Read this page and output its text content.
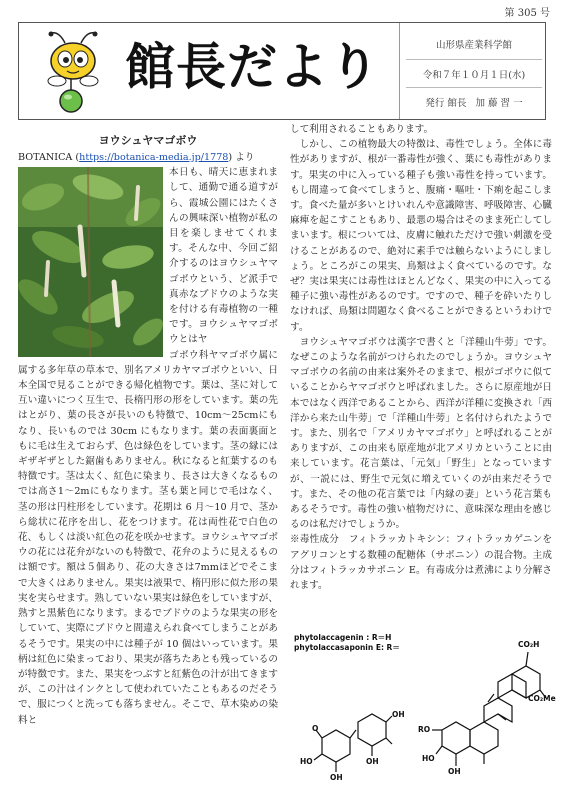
第 305 号
館長だより	山形県産業科学館
令和７年１０月１日(水)
発行 館長 加 藤 習 一
ヨウシュヤマゴボウ
BOTANICA (https://botanica-media.jp/1778) より

本日も、晴天に恵まれまして、通勤で通る道すがら、霞城公園にはたくさんの興味深い植物が私の目を楽しませてくれます。そんな中、今回ご紹介するのはヨウシュヤマゴボウという、ど派手で真赤なブドウのような実を付ける有毒植物の一種です。ヨウシュヤマゴボウとはヤ

ゴボウ科ヤマゴボウ属に属する多年草の草本で、別名アメリカヤマゴボウといい、日本全国で見ることができる帰化植物です。葉は、茎に対して互い違いにつく互生で、長楕円形の形をしています。葉の先はとがり、葉の長さが長いのも特徴で、10cm～25cmにもなり、長いものでは 30cm にもなります。葉の表面裏面ともに毛は生えておらず、色は緑色をしています。茎の縁にはギザギザとした鋸歯もありません。秋になると紅葉するのも特徴です。茎は太く、紅色に染まり、長さは大きくなるものでは高さ1～2mにもなります。茎も葉と同じで毛はなく、茎の形は円柱形をしています。花期は 6 月～10 月で、茎から総状に花序を出し、花をつけます。花は両性花で白色の花、もしくは淡い紅色の花を咲かせます。ヨウシュヤマゴボウの花には花弁がないのも特徴で、花弁のように見えるものは額です。額は５個あり、花の大きさは7mmほどでそこまで大きくはありません。果実は液果で、楕円形に似た形の果実を実らせます。熟していない果実は緑色をしていますが、熟すと黒紫色になります。まるでブドウのような果実の形をしていて、実際にブドウと間違えられ食べてしまうことがあるそうです。果実の中には種子が 10 個はいっています。果柄は紅色に染まっており、果実が落ちたあとも残っているのが特徴です。また、果実をつぶすと紅紫色の汁が出てきますが、この汁はインクとして使われていたこともあるのだそうで、服につくと洗っても落ちません。そこで、草木染めの染料と

して利用されることもあります。

しかし、この植物最大の特徴は、毒性でしょう。全体に毒性がありますが、根が一番毒性が強く、葉にも毒性があります。果実の中に入っている種子も強い毒性を持っています。もし間違って食べてしまうと、腹痛・嘔吐・下痢を起こします。食べた量が多いとけいれんや意識障害、呼吸障害、心臓麻痺を起こすこともあり、最悪の場合はそのまま死亡してしまいます。根については、皮膚に触れただけで強い刺激を受けることがあるので、絶対に素手では触らないようにしましょう。ところがこの果実、鳥類はよく食べているのです。なぜ？実は果実には毒性はほとんどなく、果実の中に入ってる種子に強い毒性があるのです。ですので、種子を砕いたりしなければ、鳥類は問題なく食べることができるというわけです。

ヨウシュヤマゴボウは漢字で書くと「洋種山牛蒡」です。なぜこのような名前がつけられたのでしょうか。ヨウシュヤマゴボウの名前の由来は案外そのままで、根がゴボウに似ていることからヤマゴボウと呼ばれました。さらに原産地が日本ではなく西洋であることから、西洋が洋種に変換され「西洋から来た山牛蒡」で「洋種山牛蒡」と名付けられたようです。また、別名で「アメリカヤマゴボウ」と呼ばれることがありますが、この由来も原産地が北アメリカということに由来しています。花言葉は、「元気」「野生」となっていますが、一説には、野生で元気に増えていくのが由来だそうです。また、その他の花言葉では「内縁の妻」という花言葉もあるそうです。毒性の強い植物だけに、意味深な理由を感じるのは私だけでしょうか。

※毒性成分　フィトラッカトキシン：フィトラッカゲニンをアグリコンとする数種の配糖体（サポニン）の混合物。主成分はフィトラッカサポニン E。有毒成分は煮沸により分解されます。

phytolaccagenin : R＝H
phytolaccasaponin E: R＝	CO₂H
CO₂Me
RO
HO
OH
OH
OH
OH
HO
O
